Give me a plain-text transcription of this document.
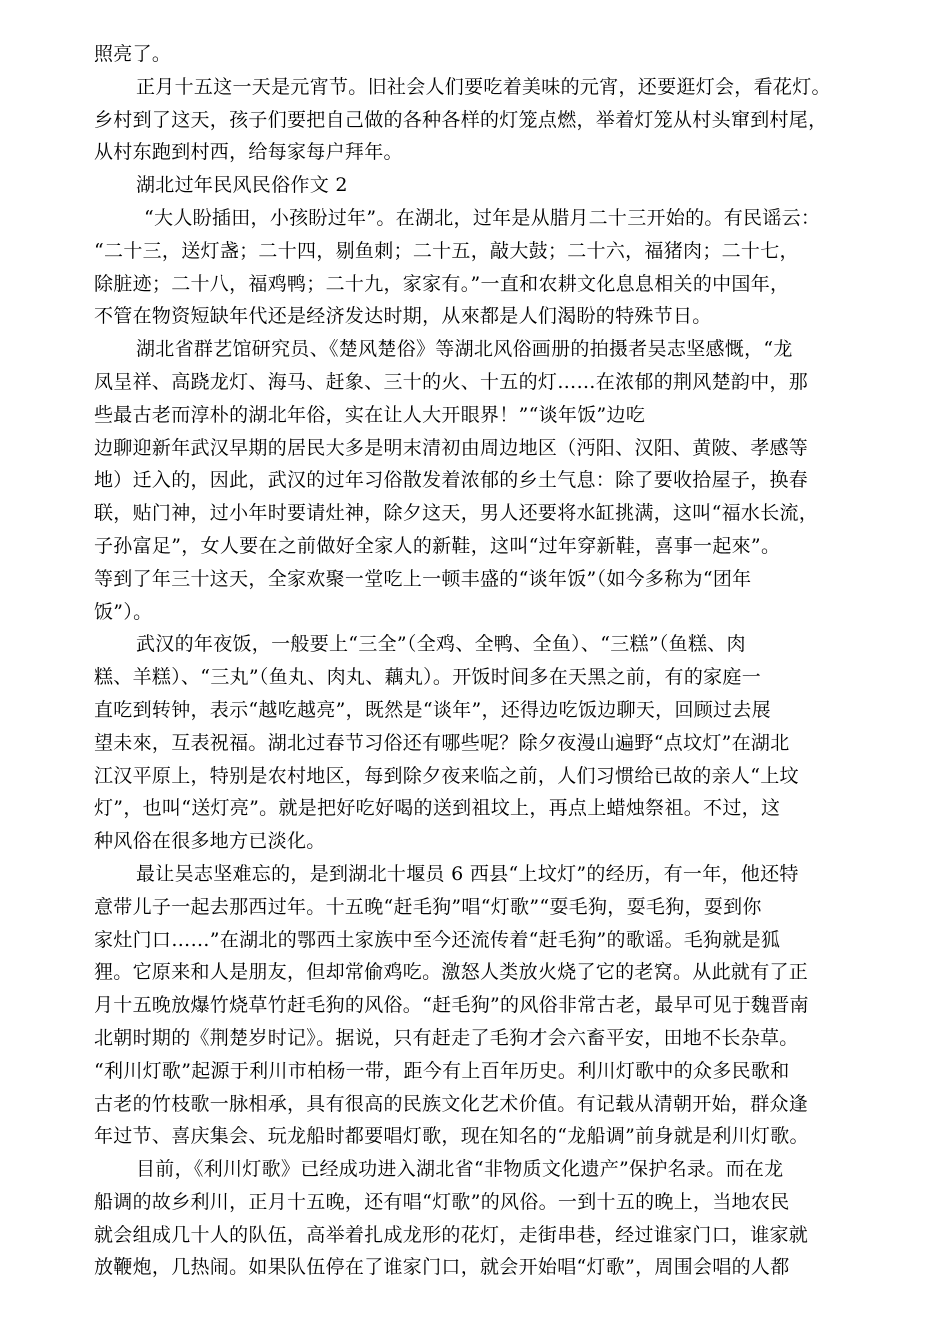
照亮了。
正月十五这一天是元宵节。旧社会人们要吃着美味的元宵，还要逛灯会，看花灯。
乡村到了这天，孩子们要把自己做的各种各样的灯笼点燃，举着灯笼从村头窜到村尾，
从村东跑到村西，给每家每户拜年。
湖北过年民风民俗作文 2
“大人盼插田，小孩盼过年”。在湖北，过年是从腊月二十三开始的。有民谣云：
“二十三，送灯盏；二十四，剔鱼刺；二十五，敲大鼓；二十六，福猪肉；二十七，
除脏迹；二十八，福鸡鸭；二十九，家家有。”一直和农耕文化息息相关的中国年，
不管在物资短缺年代还是经济发达时期，从來都是人们渴盼的特殊节日。
湖北省群艺馆研究员、《楚风楚俗》等湖北风俗画册的拍摄者吴志坚感慨，“龙
凤呈祥、高跷龙灯、海马、赶象、三十的火、十五的灯……在浓郁的荆风楚韵中，那
些最古老而淳朴的湖北年俗，实在让人大开眼界！”“谈年饭”边吃
边聊迎新年武汉早期的居民大多是明末清初由周边地区（沔阳、汉阳、黄陂、孝感等
地）迁入的，因此，武汉的过年习俗散发着浓郁的乡土气息：除了要收拾屋子，换春
联，贴门神，过小年时要请灶神，除夕这天，男人还要将水缸挑满，这叫“福水长流，
子孙富足”，女人要在之前做好全家人的新鞋，这叫“过年穿新鞋，喜事一起來”。
等到了年三十这天，全家欢聚一堂吃上一顿丰盛的“谈年饭”（如今多称为“团年
饭”）。
武汉的年夜饭，一般要上“三全”（全鸡、全鸭、全鱼）、“三糕”（鱼糕、肉
糕、羊糕）、“三丸”（鱼丸、肉丸、藕丸）。开饭时间多在天黑之前，有的家庭一
直吃到转钟，表示“越吃越亮”，既然是“谈年”，还得边吃饭边聊天，回顾过去展
望未來，互表祝福。湖北过春节习俗还有哪些呢？除夕夜漫山遍野“点坟灯”在湖北
江汉平原上，特别是农村地区，每到除夕夜来临之前，人们习惯给已故的亲人“上坟
灯”，也叫“送灯亮”。就是把好吃好喝的送到祖坟上，再点上蜡烛祭祖。不过，这
种风俗在很多地方已淡化。
最让吴志坚难忘的，是到湖北十堰员 6 西县“上坟灯”的经历，有一年，他还特
意带儿子一起去那西过年。十五晚“赶毛狗”唱“灯歌”“耍毛狗，耍毛狗，耍到你
家灶门口……”在湖北的鄂西土家族中至今还流传着“赶毛狗”的歌谣。毛狗就是狐
狸。它原来和人是朋友，但却常偷鸡吃。激怒人类放火烧了它的老窝。从此就有了正
月十五晚放爆竹烧草竹赶毛狗的风俗。“赶毛狗”的风俗非常古老，最早可见于魏晋南
北朝时期的《荆楚岁时记》。据说，只有赶走了毛狗才会六畜平安，田地不长杂草。
“利川灯歌”起源于利川市柏杨一带，距今有上百年历史。利川灯歌中的众多民歌和
古老的竹枝歌一脉相承，具有很高的民族文化艺术价值。有记载从清朝开始，群众逢
年过节、喜庆集会、玩龙船时都要唱灯歌，现在知名的“龙船调”前身就是利川灯歌。
目前，《利川灯歌》已经成功进入湖北省“非物质文化遗产”保护名录。而在龙
船调的故乡利川，正月十五晚，还有唱“灯歌”的风俗。一到十五的晚上，当地农民
就会组成几十人的队伍，高举着扎成龙形的花灯，走街串巷，经过谁家门口，谁家就
放鞭炮，几热闹。如果队伍停在了谁家门口，就会开始唱“灯歌”，周围会唱的人都
